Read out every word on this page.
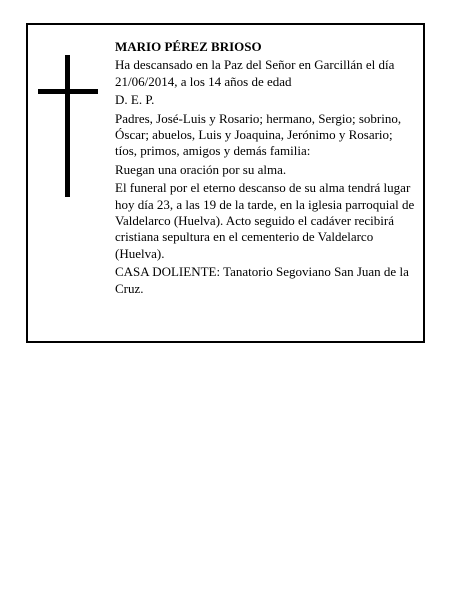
MARIO PÉREZ BRIOSO

Ha descansado en la Paz del Señor en Garcillán el día 21/06/2014, a los 14 años de edad

D. E. P.

Padres, José-Luis y Rosario; hermano, Sergio; sobrino, Óscar; abuelos, Luis y Joaquina, Jerónimo y Rosario; tíos, primos, amigos y demás familia:

Ruegan una oración por su alma.

El funeral por el eterno descanso de su alma tendrá lugar hoy día 23, a las 19 de la tarde, en la iglesia parroquial de Valdelarco (Huelva). Acto seguido el cadáver recibirá cristiana sepultura en el cementerio de Valdelarco (Huelva).

CASA DOLIENTE: Tanatorio Segoviano San Juan de la Cruz.
